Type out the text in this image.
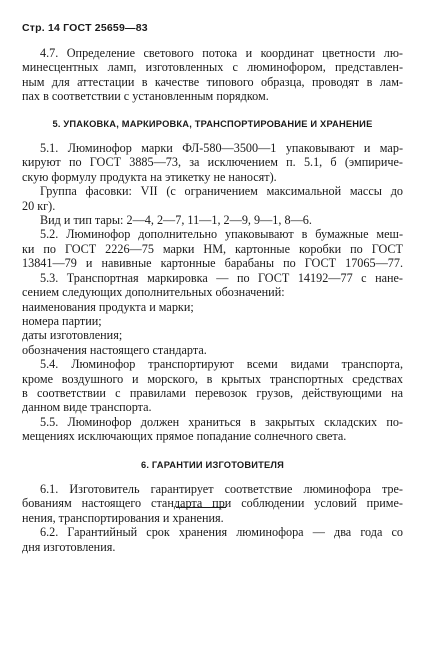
Стр. 14 ГОСТ 25659—83
4.7. Определение светового потока и координат цветности лю-
минесцентных ламп, изготовленных с люминофором, представлен-
ным для аттестации в качестве типового образца, проводят в лам-
пах в соответствии с установленным порядком.
5. УПАКОВКА, МАРКИРОВКА, ТРАНСПОРТИРОВАНИЕ И ХРАНЕНИЕ
5.1. Люминофор марки ФЛ-580—3500—1 упаковывают и мар-
кируют по ГОСТ 3885—73, за исключением п. 5.1, б (эмпириче-
скую формулу продукта на этикетку не наносят).
Группа фасовки: VII (с ограничением максимальной массы до
20 кг).
Вид и тип тары: 2—4, 2—7, 11—1, 2—9, 9—1, 8—6.
5.2. Люминофор дополнительно упаковывают в бумажные меш-
ки по ГОСТ 2226—75 марки НМ, картонные коробки по ГОСТ
13841—79 и навивные картонные барабаны по ГОСТ 17065—77.
5.3. Транспортная маркировка — по ГОСТ 14192—77 с нане-
сением следующих дополнительных обозначений:
наименования продукта и марки;
номера партии;
даты изготовления;
обозначения настоящего стандарта.
5.4. Люминофор транспортируют всеми видами транспорта,
кроме воздушного и морского, в крытых транспортных средствах
в соответствии с правилами перевозок грузов, действующими на
данном виде транспорта.
5.5. Люминофор должен храниться в закрытых складских по-
мещениях исключающих прямое попадание солнечного света.
6. ГАРАНТИИ ИЗГОТОВИТЕЛЯ
6.1. Изготовитель гарантирует соответствие люминофора тре-
бованиям настоящего стандарта при соблюдении условий приме-
нения, транспортирования и хранения.
6.2. Гарантийный срок хранения люминофора — два года со
дня изготовления.
